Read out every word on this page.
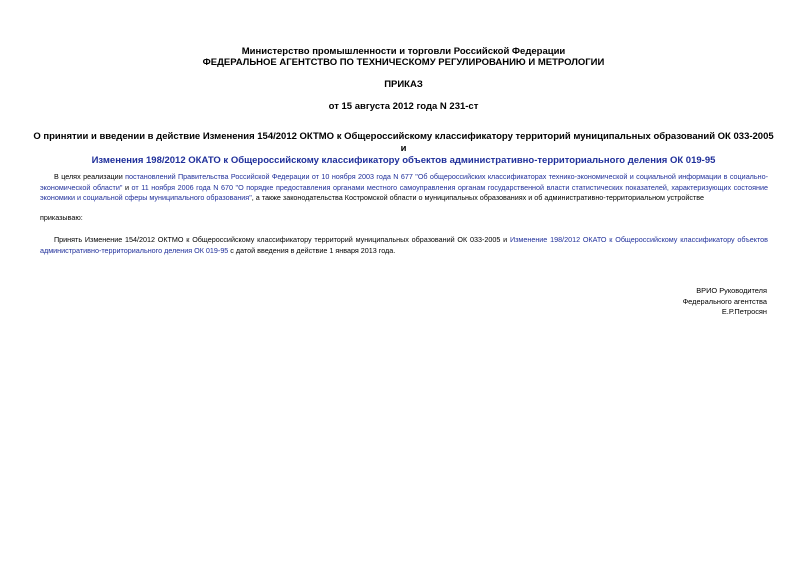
Министерство промышленности и торговли Российской Федерации
ФЕДЕРАЛЬНОЕ АГЕНТСТВО ПО ТЕХНИЧЕСКОМУ РЕГУЛИРОВАНИЮ И МЕТРОЛОГИИ
ПРИКАЗ
от 15 августа 2012 года N 231-ст
О принятии и введении в действие Изменения 154/2012 ОКТМО к Общероссийскому классификатору территорий муниципальных образований ОК 033-2005 и
Изменения 198/2012 ОКАТО к Общероссийскому классификатору объектов административно-территориального деления ОК 019-95
В целях реализации постановлений Правительства Российской Федерации от 10 ноября 2003 года N 677 "Об общероссийских классификаторах технико-экономической и социальной информации в социально-экономической области" и от 11 ноября 2006 года N 670 "О порядке предоставления органами местного самоуправления органам государственной власти статистических показателей, характеризующих состояние экономики и социальной сферы муниципального образования", а также законодательства Костромской области о муниципальных образованиях и об административно-территориальном устройстве
приказываю:
Принять Изменение 154/2012 ОКТМО к Общероссийскому классификатору территорий муниципальных образований ОК 033-2005 и Изменение 198/2012 ОКАТО к Общероссийскому классификатору объектов административно-территориального деления ОК 019-95 с датой введения в действие 1 января 2013 года.
ВРИО Руководителя
Федерального агентства
Е.Р.Петросян
